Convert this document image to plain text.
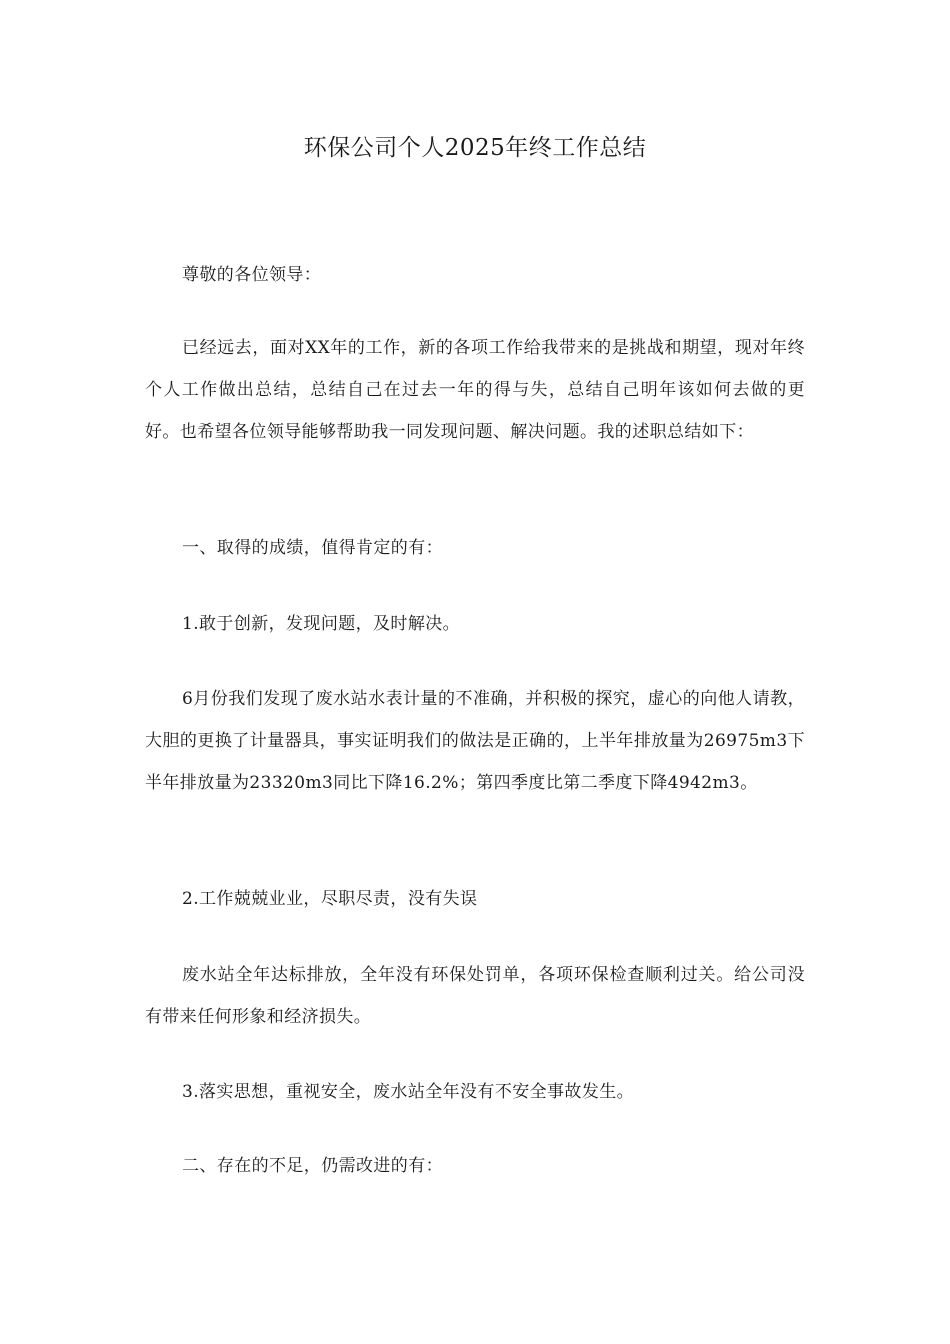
环保公司个人2025年终工作总结

尊敬的各位领导：

已经远去，面对XX年的工作，新的各项工作给我带来的是挑战和期望，现对年终个人工作做出总结，总结自己在过去一年的得与失，总结自己明年该如何去做的更好。也希望各位领导能够帮助我一同发现问题、解决问题。我的述职总结如下：

一、取得的成绩，值得肯定的有：

1.敢于创新，发现问题，及时解决。

6月份我们发现了废水站水表计量的不准确，并积极的探究，虚心的向他人请教，大胆的更换了计量器具，事实证明我们的做法是正确的，上半年排放量为26975m3下半年排放量为23320m3同比下降16.2%；第四季度比第二季度下降4942m3。

2.工作兢兢业业，尽职尽责，没有失误

废水站全年达标排放，全年没有环保处罚单，各项环保检查顺利过关。给公司没有带来任何形象和经济损失。

3.落实思想，重视安全，废水站全年没有不安全事故发生。

二、存在的不足，仍需改进的有：
